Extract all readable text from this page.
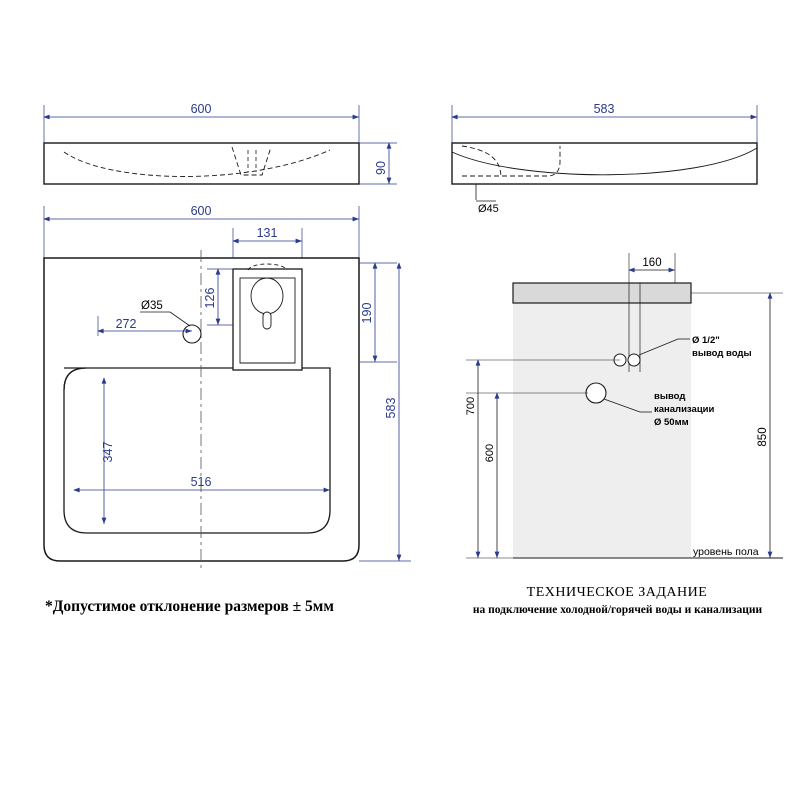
600
90
583
Ø45
600
131
Ø35
272
126
190
583
347
516
160
Ø 1/2"
вывод воды
вывод
канализации
Ø 50мм
уровень пола
700
600
850
*Допустимое отклонение размеров ± 5мм
ТЕХНИЧЕСКОЕ ЗАДАНИЕ
на подключение холодной/горячей воды и канализации
